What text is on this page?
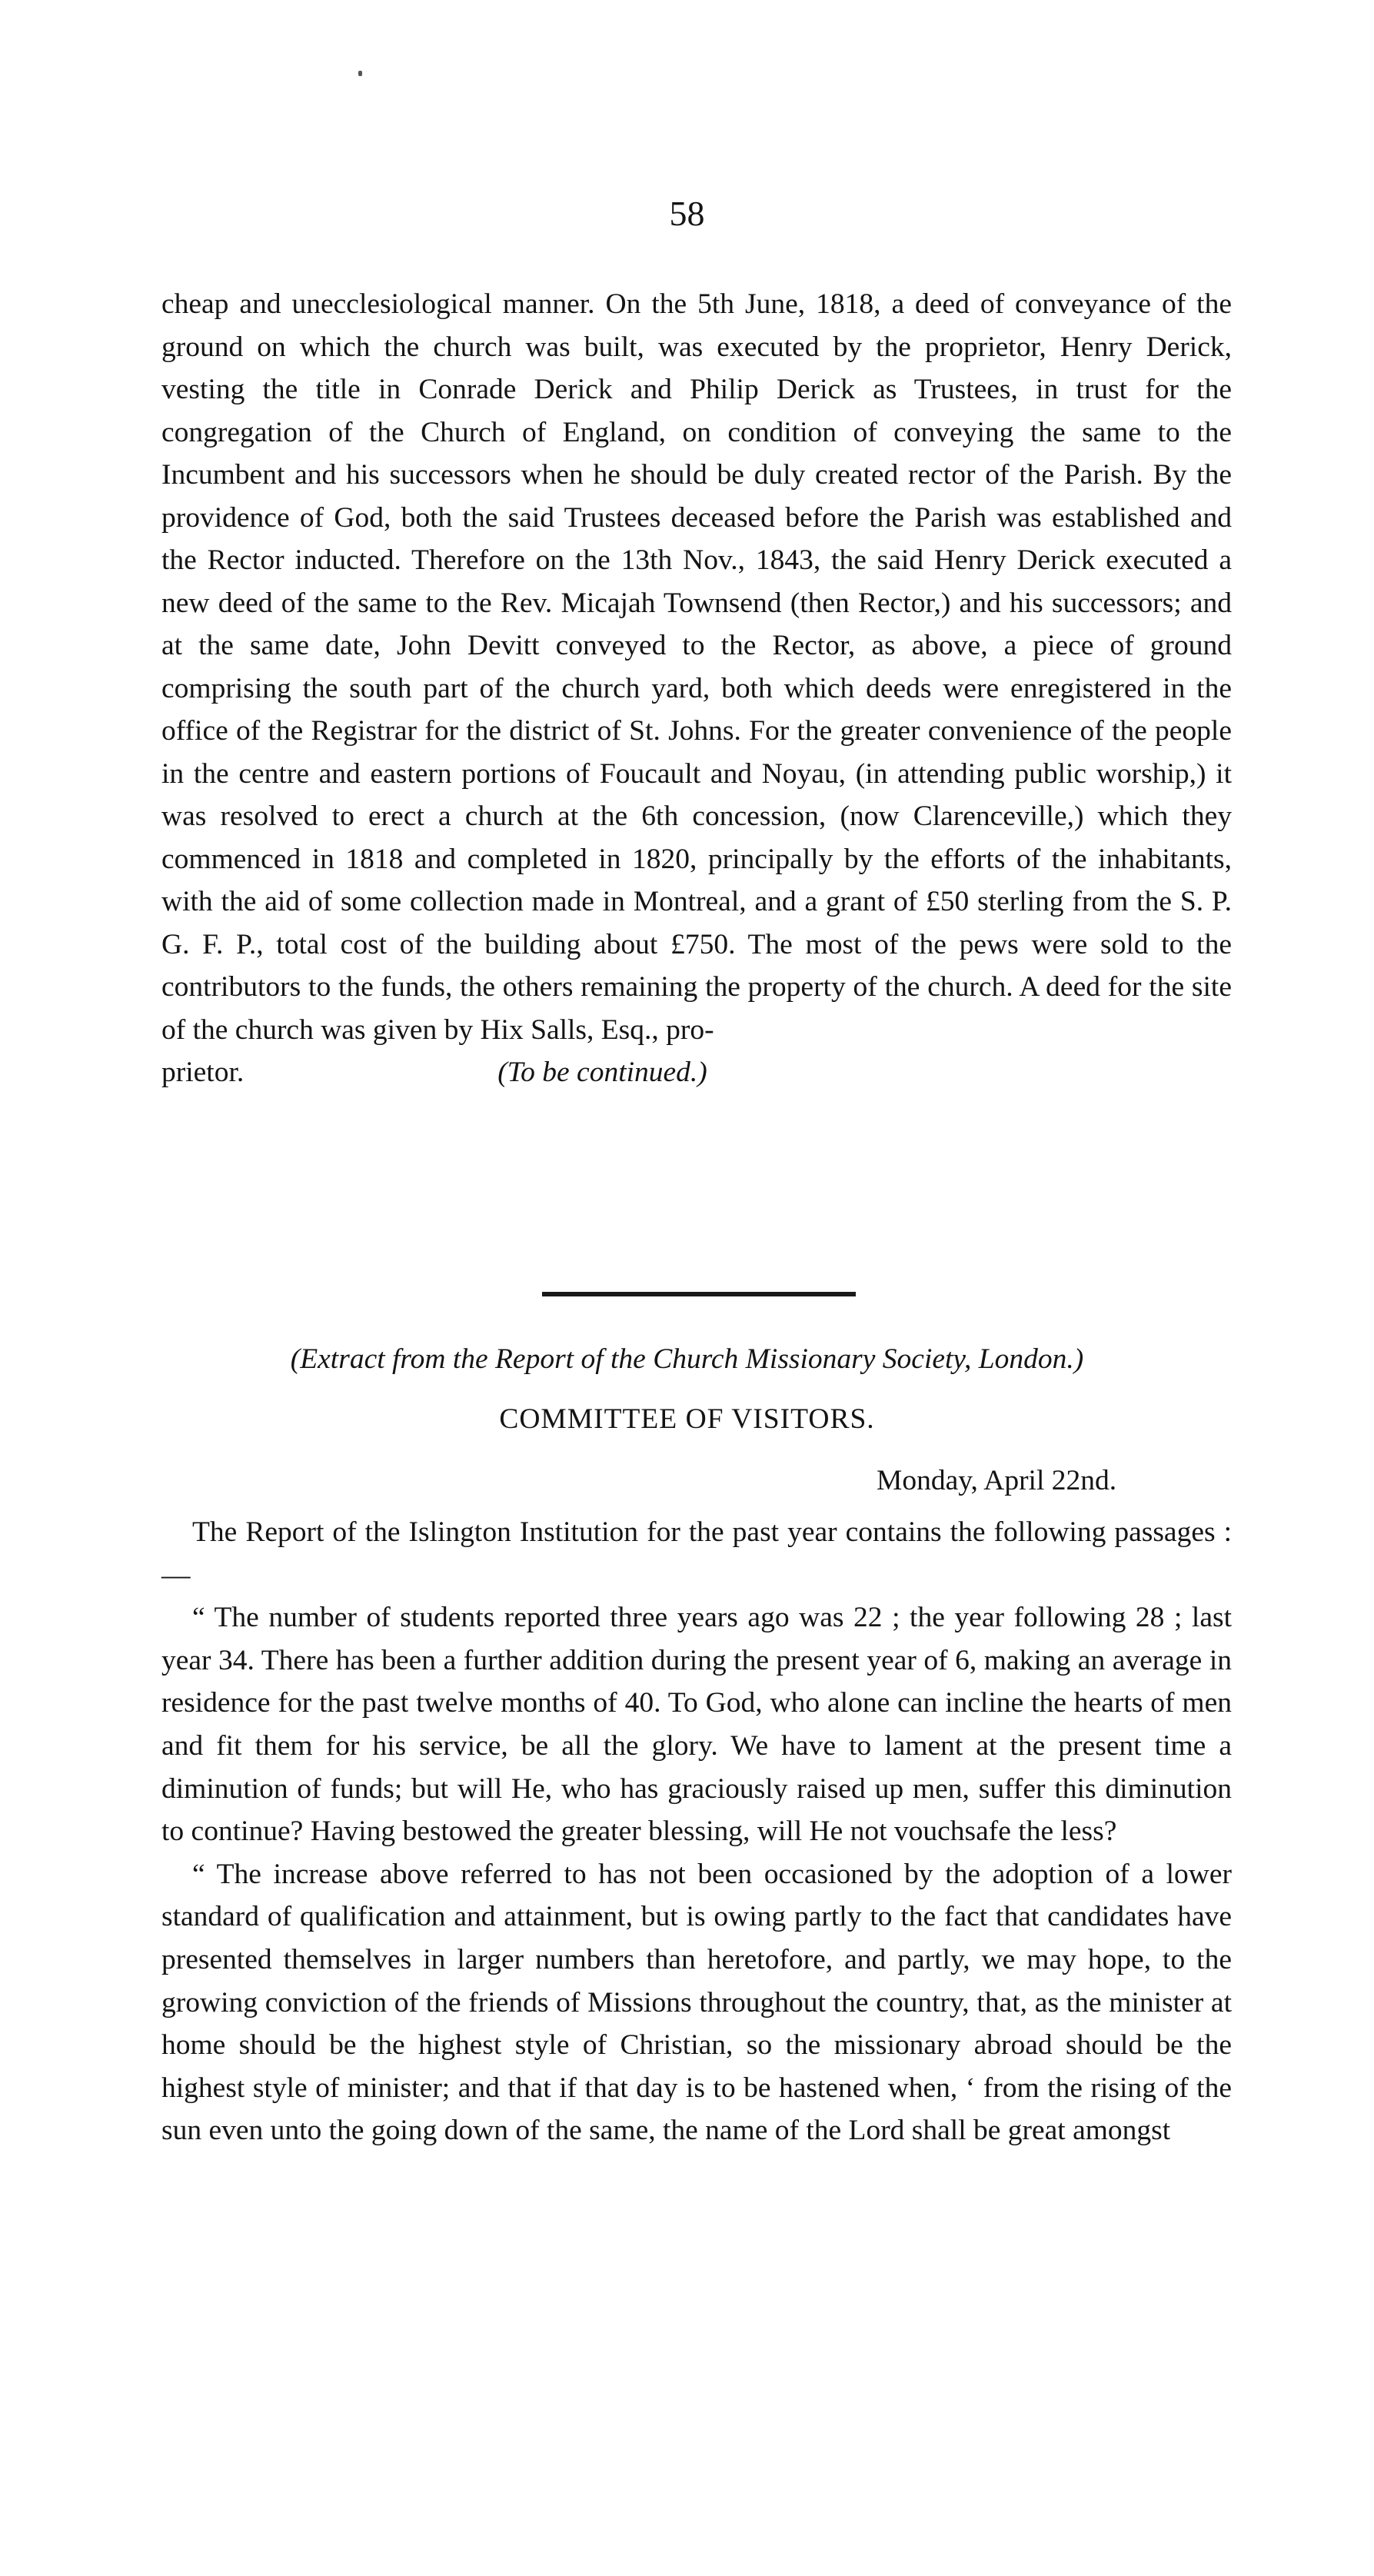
58

cheap and unecclesiological manner. On the 5th June, 1818, a deed of conveyance of the ground on which the church was built, was executed by the proprietor, Henry Derick, vesting the title in Conrade Derick and Philip Derick as Trustees, in trust for the congregation of the Church of England, on condition of conveying the same to the Incumbent and his successors when he should be duly created rector of the Parish. By the providence of God, both the said Trustees deceased before the Parish was established and the Rector inducted. Therefore on the 13th Nov., 1843, the said Henry Derick executed a new deed of the same to the Rev. Micajah Townsend (then Rector,) and his successors; and at the same date, John Devitt conveyed to the Rector, as above, a piece of ground comprising the south part of the church yard, both which deeds were enregistered in the office of the Registrar for the district of St. Johns. For the greater convenience of the people in the centre and eastern portions of Foucault and Noyau, (in attending public worship,) it was resolved to erect a church at the 6th concession, (now Clarenceville,) which they commenced in 1818 and completed in 1820, principally by the efforts of the inhabitants, with the aid of some collection made in Montreal, and a grant of £50 sterling from the S. P. G. F. P., total cost of the building about £750. The most of the pews were sold to the contributors to the funds, the others remaining the property of the church. A deed for the site of the church was given by Hix Salls, Esq., pro-

prietor.	(To be continued.)
(Extract from the Report of the Church Missionary Society, London.)
COMMITTEE OF VISITORS.
Monday, April 22nd.

The Report of the Islington Institution for the past year contains the following passages :—

“ The number of students reported three years ago was 22 ; the year following 28 ; last year 34. There has been a further addition during the present year of 6, making an average in residence for the past twelve months of 40. To God, who alone can incline the hearts of men and fit them for his service, be all the glory. We have to lament at the present time a diminution of funds; but will He, who has graciously raised up men, suffer this diminution to continue? Having bestowed the greater blessing, will He not vouchsafe the less?

“ The increase above referred to has not been occasioned by the adoption of a lower standard of qualification and attainment, but is owing partly to the fact that candidates have presented themselves in larger numbers than heretofore, and partly, we may hope, to the growing conviction of the friends of Missions throughout the country, that, as the minister at home should be the highest style of Christian, so the missionary abroad should be the highest style of minister; and that if that day is to be hastened when, ‘ from the rising of the sun even unto the going down of the same, the name of the Lord shall be great amongst
